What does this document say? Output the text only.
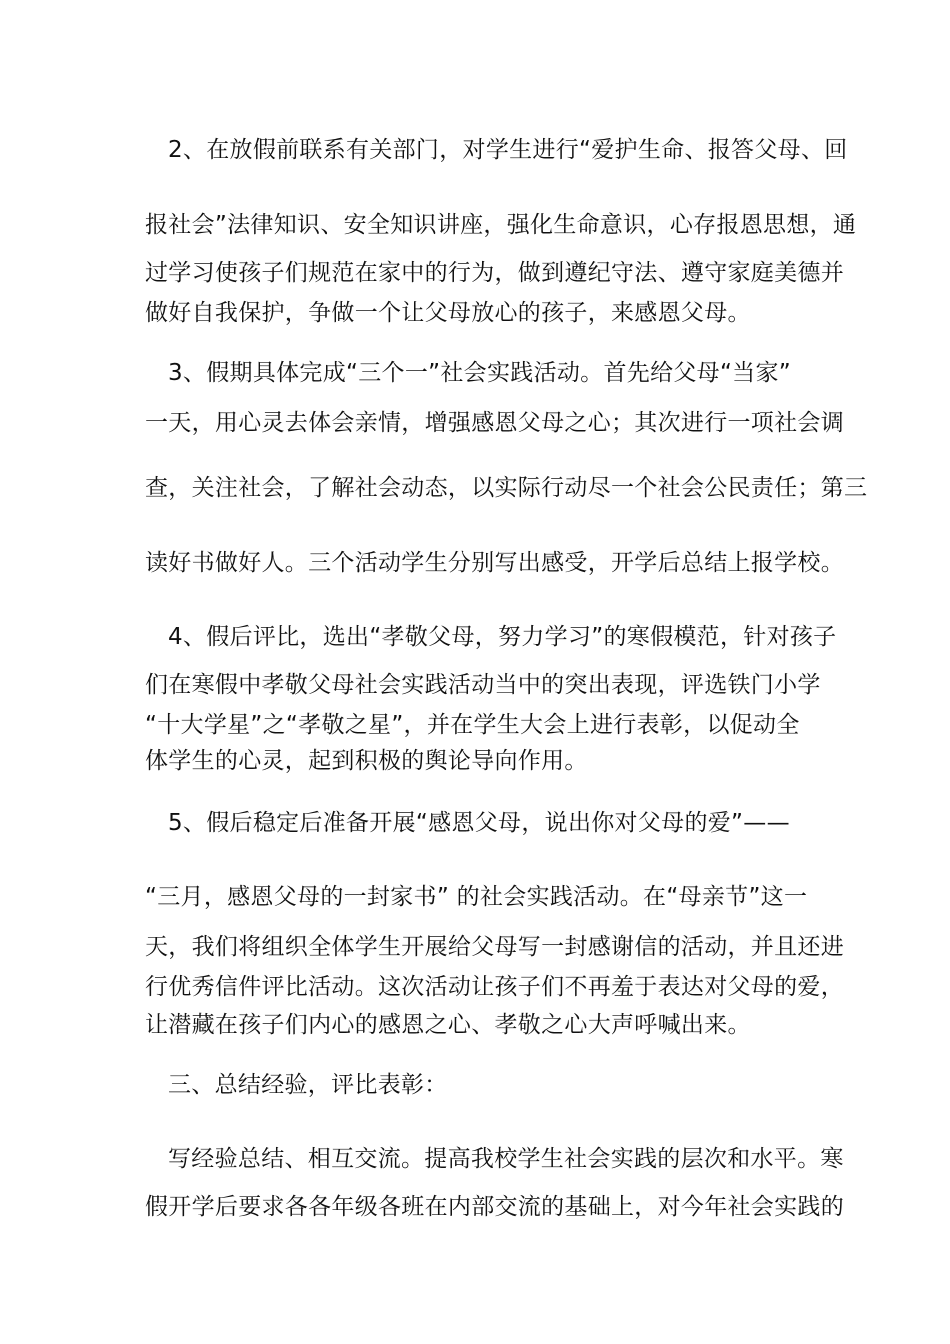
2、在放假前联系有关部门，对学生进行“爱护生命、报答父母、回
报社会”法律知识、安全知识讲座，强化生命意识，心存报恩思想，通
过学习使孩子们规范在家中的行为，做到遵纪守法、遵守家庭美德并
做好自我保护，争做一个让父母放心的孩子，来感恩父母。
3、假期具体完成“三个一”社会实践活动。首先给父母“当家”
一天，用心灵去体会亲情，增强感恩父母之心；其次进行一项社会调
查，关注社会，了解社会动态，以实际行动尽一个社会公民责任；第三
读好书做好人。三个活动学生分别写出感受，开学后总结上报学校。
4、假后评比，选出“孝敬父母，努力学习”的寒假模范，针对孩子
们在寒假中孝敬父母社会实践活动当中的突出表现，评选铁门小学
“十大学星”之“孝敬之星”，并在学生大会上进行表彰，以促动全
体学生的心灵，起到积极的舆论导向作用。
5、假后稳定后准备开展“感恩父母，说出你对父母的爱”——
“三月，感恩父母的一封家书” 的社会实践活动。在“母亲节”这一
天，我们将组织全体学生开展给父母写一封感谢信的活动，并且还进
行优秀信件评比活动。这次活动让孩子们不再羞于表达对父母的爱，
让潜藏在孩子们内心的感恩之心、孝敬之心大声呼喊出来。
三、总结经验，评比表彰：
写经验总结、相互交流。提高我校学生社会实践的层次和水平。寒
假开学后要求各各年级各班在内部交流的基础上，对今年社会实践的
